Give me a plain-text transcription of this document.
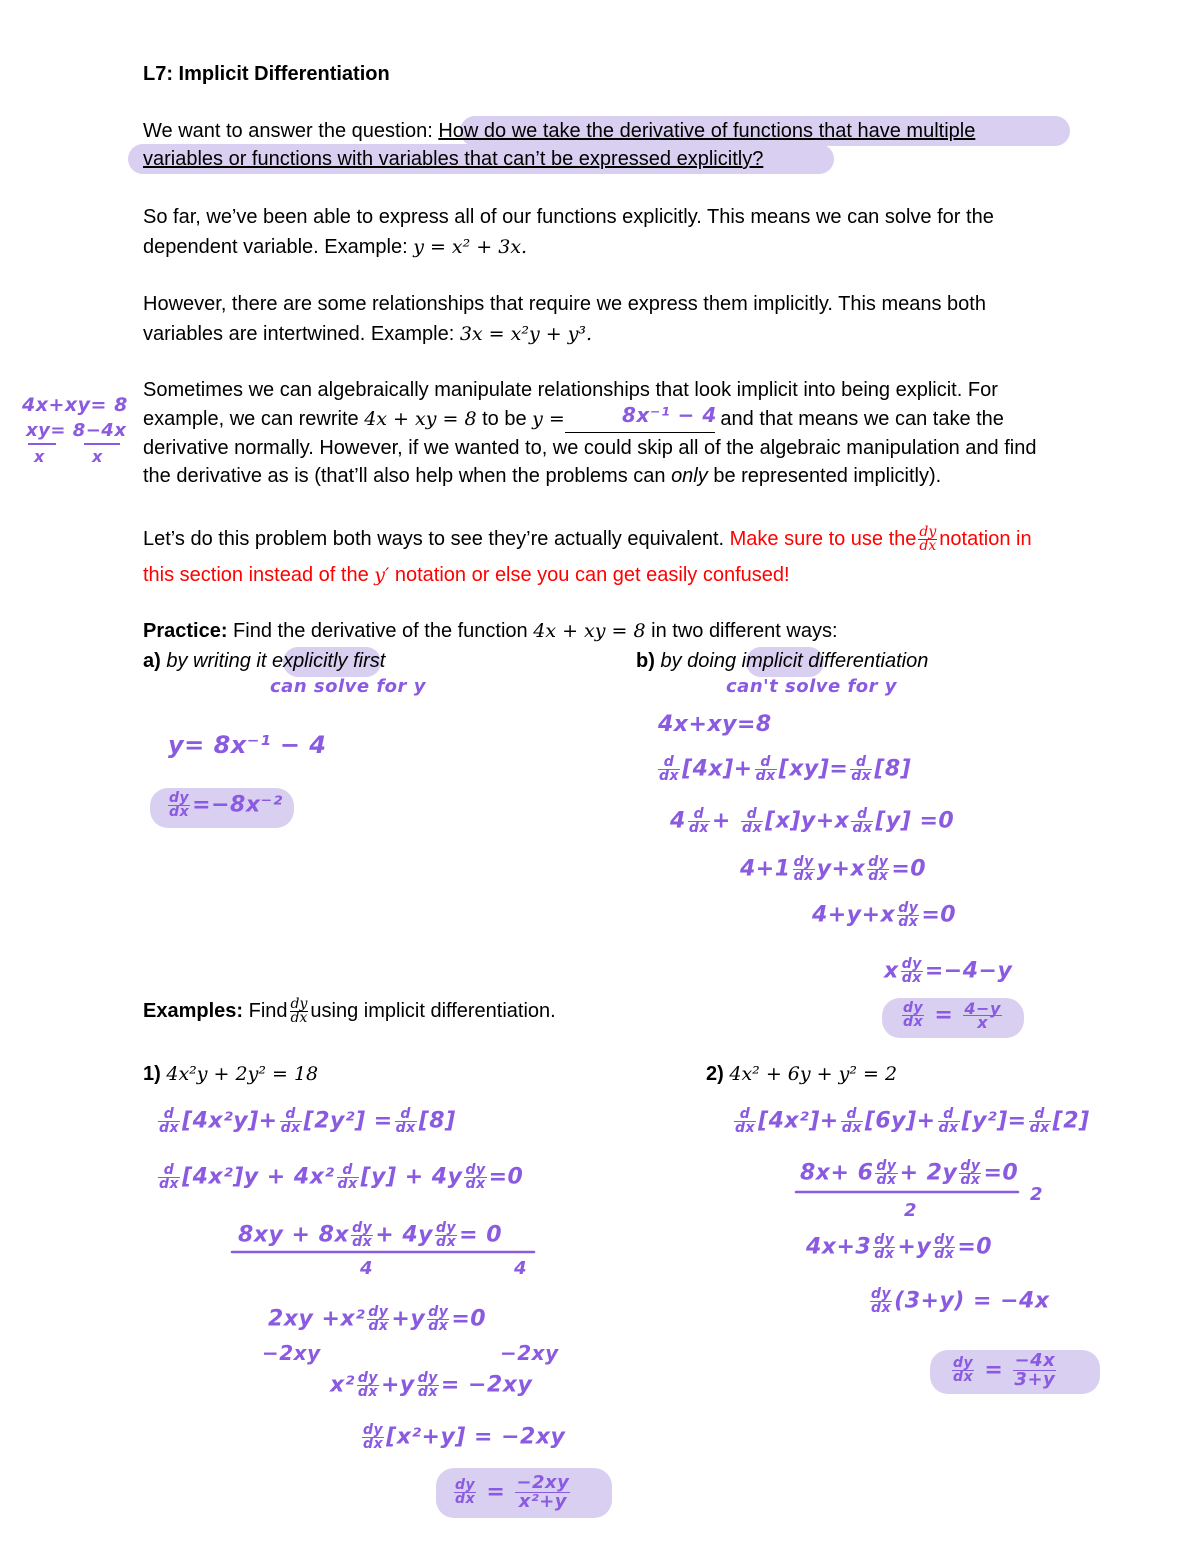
L7: Implicit Differentiation
We want to answer the question: How do we take the derivative of functions that have multiple
variables or functions with variables that can’t be expressed explicitly?
So far, we’ve been able to express all of our functions explicitly. This means we can solve for the
dependent variable. Example: y = x² + 3x.
However, there are some relationships that require we express them implicitly. This means both
variables are intertwined. Example: 3x = x²y + y³.
Sometimes we can algebraically manipulate relationships that look implicit into being explicit. For
example, we can rewrite 4x + xy = 8 to be y =	and that means we can take the
derivative normally. However, if we wanted to, we could skip all of the algebraic manipulation and find
the derivative as is (that’ll also help when the problems can only be represented implicitly).
Let’s do this problem both ways to see they’re actually equivalent. Make sure to use the $\frac{dy}{dx}$ notation in
this section instead of the y′ notation or else you can get easily confused!
Practice: Find the derivative of the function 4x + xy = 8 in two different ways:
a) by writing it explicitly first	b) by doing implicit differentiation
Examples: Find $\frac{dy}{dx}$ using implicit differentiation.
1) 4x²y + 2y² = 18	2) 4x² + 6y + y² = 2
4x+xy= 8
xy= 8−4x
x	x
8x⁻¹ − 4
can solve for y
y= 8x⁻¹ − 4
$\frac{dy}{dx} =-8x^{-2}$
can't solve for y
4x+xy=8
$\frac{d}{dx} [4x]+ \frac{d}{dx} [xy]= \frac{d}{dx} [8]$
$4 \frac{d}{dx} + \frac{d}{dx} [x]y+x \frac{d}{dx} [y] =0$
$4+1 \frac{dy}{dx} y+x \frac{dy}{dx} =0$
$4+y+x \frac{dy}{dx} =0$
x $\frac{dy}{dx} =-4-y$
$\frac{dy}{dx} = \frac{4-y}{x}$
$\frac{d}{dx} [4x^2y]+ \frac{d}{dx} [2y^2] = \frac{d}{dx} [8]$
$\frac{d}{dx} [4x^2]y + 4x^2 \frac{d}{dx} [y] + 4y \frac{dy}{dx} =0$
$8xy + 8x \frac{dy}{dx} + 4y \frac{dy}{dx} = 0$
4	4
$2xy +x^2 \frac{dy}{dx} +y \frac{dy}{dx} =0$
−2xy	−2xy
$x^2 \frac{dy}{dx} +y \frac{dy}{dx} = -2xy$
$\frac{dy}{dx} [x^2+y] = -2xy$
$\frac{dy}{dx} = \frac{-2xy}{\text{x²+y}}$
$\frac{d}{dx} [4x^2]+ \frac{d}{dx} [6y]+ \frac{d}{dx} [y^2]= \frac{d}{dx} [2]$
$8x+ 6 \frac{dy}{dx} + 2y \frac{dy}{dx} =0$
2
2
$4x+3 \frac{dy}{dx} +y \frac{dy}{dx} =0$
$\frac{dy}{dx} (3+y) = -4x$
$\frac{dy}{dx} = \frac{-4x}{3+y}$
